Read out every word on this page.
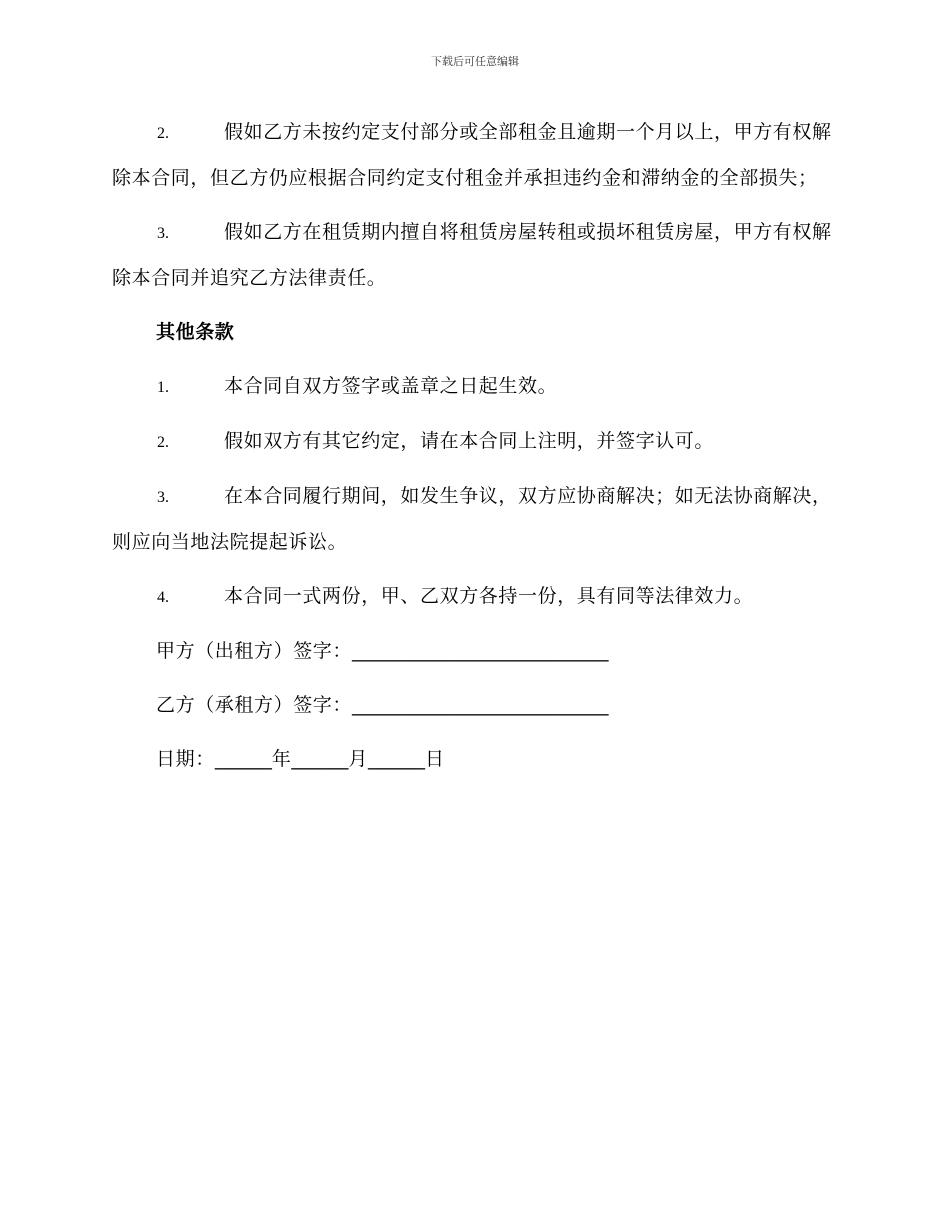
下载后可任意编辑
2.	假如乙方未按约定支付部分或全部租金且逾期一个月以上，甲方有权解除本合同，但乙方仍应根据合同约定支付租金并承担违约金和滞纳金的全部损失；
3.	假如乙方在租赁期内擅自将租赁房屋转租或损坏租赁房屋，甲方有权解除本合同并追究乙方法律责任。
其他条款
1.	本合同自双方签字或盖章之日起生效。
2.	假如双方有其它约定，请在本合同上注明，并签字认可。
3.	在本合同履行期间，如发生争议，双方应协商解决；如无法协商解决，则应向当地法院提起诉讼。
4.	本合同一式两份，甲、乙双方各持一份，具有同等法律效力。
甲方（出租方）签字：___________________________
乙方（承租方）签字：___________________________
日期：______年______月______日
